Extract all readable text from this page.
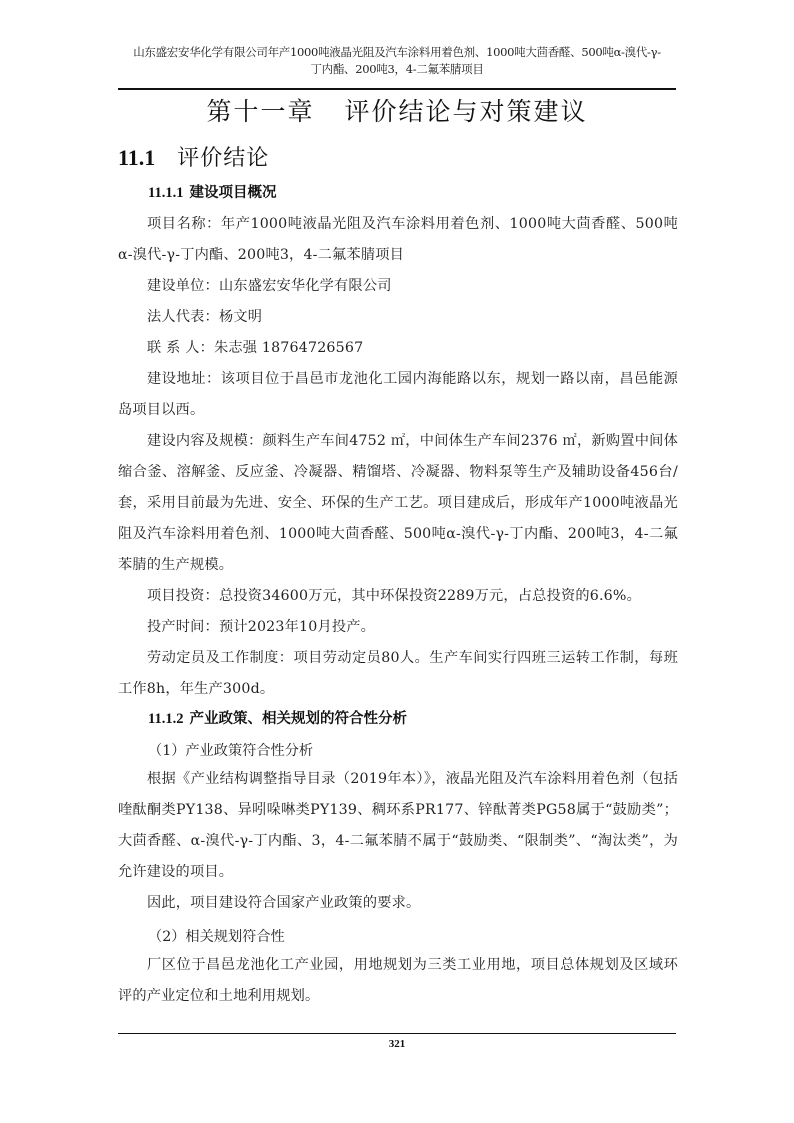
山东盛宏安华化学有限公司年产1000吨液晶光阻及汽车涂料用着色剂、1000吨大茴香醛、500吨α-溴代-γ-
丁内酯、200吨3，4-二氟苯腈项目
第十一章 评价结论与对策建议
11.1 评价结论
11.1.1 建设项目概况

项目名称：年产1000吨液晶光阻及汽车涂料用着色剂、1000吨大茴香醛、500吨α-溴代-γ-丁内酯、200吨3，4-二氟苯腈项目

建设单位：山东盛宏安华化学有限公司

法人代表：杨文明

联 系 人：朱志强 18764726567

建设地址：该项目位于昌邑市龙池化工园内海能路以东，规划一路以南，昌邑能源岛项目以西。

建设内容及规模：颜料生产车间4752 ㎡，中间体生产车间2376 ㎡，新购置中间体缩合釜、溶解釜、反应釜、冷凝器、精馏塔、冷凝器、物料泵等生产及辅助设备456台/套，采用目前最为先进、安全、环保的生产工艺。项目建成后，形成年产1000吨液晶光阻及汽车涂料用着色剂、1000吨大茴香醛、500吨α-溴代-γ-丁内酯、200吨3，4-二氟苯腈的生产规模。

项目投资：总投资34600万元，其中环保投资2289万元，占总投资的6.6%。

投产时间：预计2023年10月投产。

劳动定员及工作制度：项目劳动定员80人。生产车间实行四班三运转工作制，每班工作8h，年生产300d。

11.1.2 产业政策、相关规划的符合性分析
（1）产业政策符合性分析

根据《产业结构调整指导目录（2019年本）》，液晶光阻及汽车涂料用着色剂（包括喹酞酮类PY138、异吲哚啉类PY139、稠环系PR177、锌酞菁类PG58属于“鼓励类”；大茴香醛、α-溴代-γ-丁内酯、3，4-二氟苯腈不属于“鼓励类、“限制类”、“淘汰类”，为允许建设的项目。

因此，项目建设符合国家产业政策的要求。

（2）相关规划符合性

厂区位于昌邑龙池化工产业园，用地规划为三类工业用地，项目总体规划及区域环评的产业定位和土地利用规划。

321
